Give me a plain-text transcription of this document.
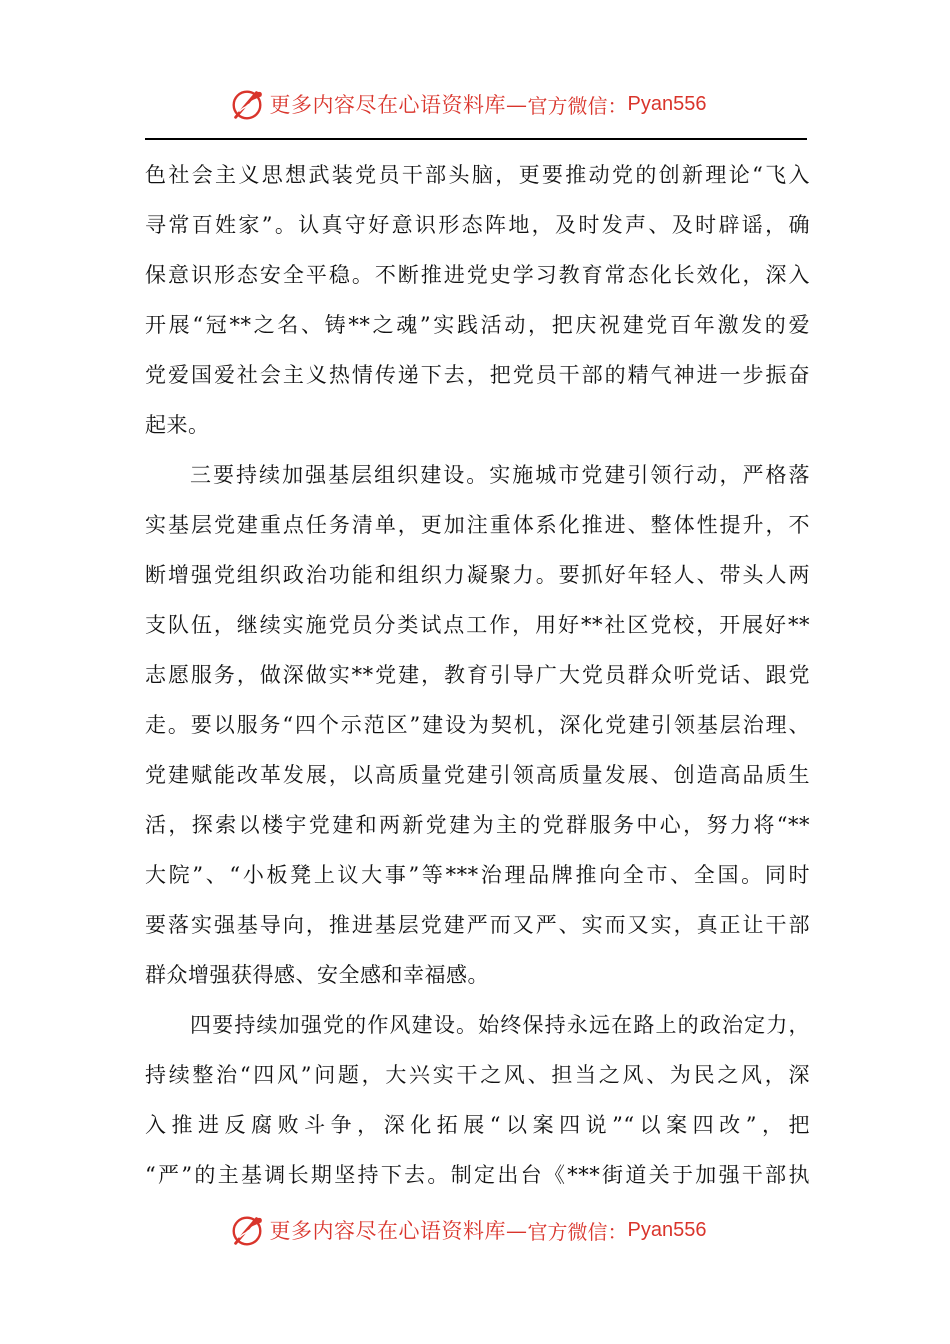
更多内容尽在心语资料库— 官方微信： Pyan556
色社会主义思想武装党员干部头脑，更要推动党的创新理论“飞入
寻常百姓家”。认真守好意识形态阵地，及时发声、及时辟谣，确
保意识形态安全平稳。不断推进党史学习教育常态化长效化，深入
开展“冠**之名、铸**之魂”实践活动，把庆祝建党百年激发的爱
党爱国爱社会主义热情传递下去，把党员干部的精气神进一步振奋
起来。
三要持续加强基层组织建设。实施城市党建引领行动，严格落
实基层党建重点任务清单，更加注重体系化推进、整体性提升，不
断增强党组织政治功能和组织力凝聚力。要抓好年轻人、带头人两
支队伍，继续实施党员分类试点工作，用好**社区党校，开展好**
志愿服务，做深做实**党建，教育引导广大党员群众听党话、跟党
走。要以服务“四个示范区”建设为契机，深化党建引领基层治理、
党建赋能改革发展，以高质量党建引领高质量发展、创造高品质生
活，探索以楼宇党建和两新党建为主的党群服务中心，努力将“**
大院”、“小板凳上议大事”等***治理品牌推向全市、全国。同时
要落实强基导向，推进基层党建严而又严、实而又实，真正让干部
群众增强获得感、安全感和幸福感。
四要持续加强党的作风建设。始终保持永远在路上的政治定力，
持续整治“四风”问题，大兴实干之风、担当之风、为民之风，深
入推进反腐败斗争，深化拓展“以案四说”“以案四改”，把
“严”的主基调长期坚持下去。制定出台《***街道关于加强干部执
更多内容尽在心语资料库— 官方微信： Pyan556
